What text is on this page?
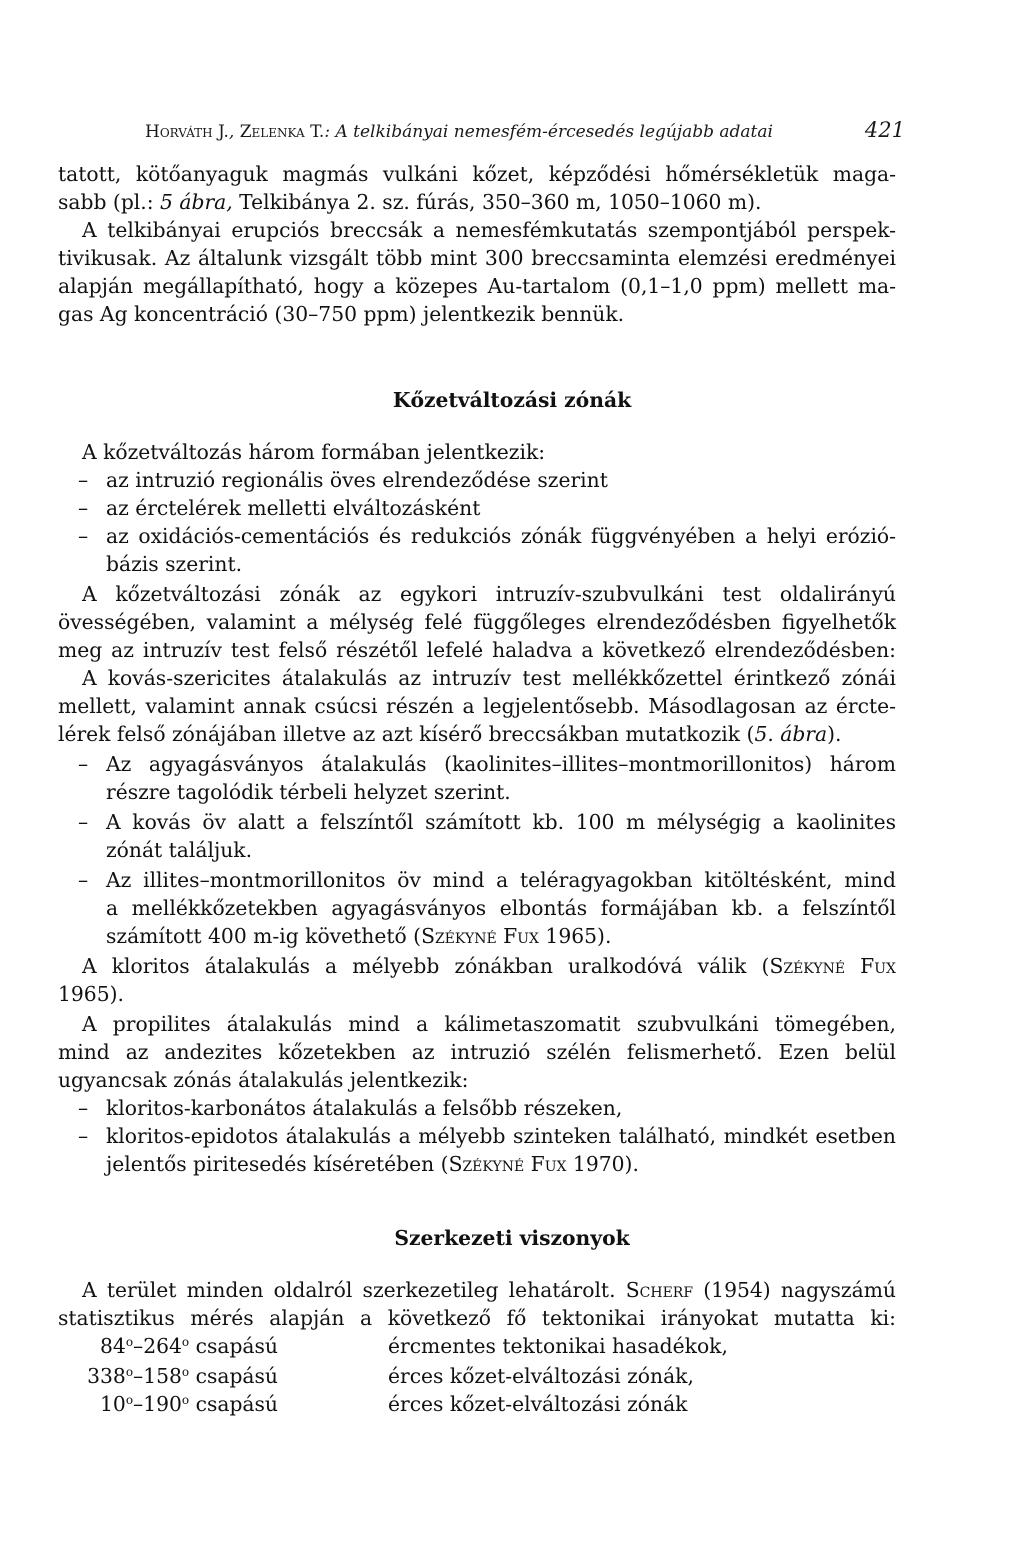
Horváth J., Zelenka T.: A telkibányai nemesfém-ércesedés legújabb adatai	421
tatott, kötőanyaguk magmás vulkáni kőzet, képződési hőmérsékletük maga-
sabb (pl.: 5 ábra, Telkibánya 2. sz. fúrás, 350–360 m, 1050–1060 m).
A telkibányai erupciós breccsák a nemesfémkutatás szempontjából perspek-
tivikusak. Az általunk vizsgált több mint 300 breccsaminta elemzési eredményei
alapján megállapítható, hogy a közepes Au-tartalom (0,1–1,0 ppm) mellett ma-
gas Ag koncentráció (30–750 ppm) jelentkezik bennük.
Kőzetváltozási zónák
A kőzetváltozás három formában jelentkezik:
– az intruzió regionális öves elrendeződése szerint
– az érctelérek melletti elváltozásként
– az oxidációs-cementációs és redukciós zónák függvényében a helyi erózió-
bázis szerint.
A kőzetváltozási zónák az egykori intruzív-szubvulkáni test oldalirányú
övességében, valamint a mélység felé függőleges elrendeződésben figyelhetők
meg az intruzív test felső részétől lefelé haladva a következő elrendeződésben:
A kovás-szericites átalakulás az intruzív test mellékkőzettel érintkező zónái
mellett, valamint annak csúcsi részén a legjelentősebb. Másodlagosan az ércte-
lérek felső zónájában illetve az azt kísérő breccsákban mutatkozik (5. ábra).
– Az agyagásványos átalakulás (kaolinites–illites–montmorillonitos) három
részre tagolódik térbeli helyzet szerint.
– A kovás öv alatt a felszíntől számított kb. 100 m mélységig a kaolinites
zónát találjuk.
– Az illites–montmorillonitos öv mind a teléragyagokban kitöltésként, mind
a mellékkőzetekben agyagásványos elbontás formájában kb. a felszíntől
számított 400 m-ig követhető (Székyné Fux 1965).
A kloritos átalakulás a mélyebb zónákban uralkodóvá válik (Székyné Fux
1965).
A propilites átalakulás mind a kálimetaszomatit szubvulkáni tömegében,
mind az andezites kőzetekben az intruzió szélén felismerhető. Ezen belül
ugyancsak zónás átalakulás jelentkezik:
– kloritos-karbonátos átalakulás a felsőbb részeken,
– kloritos-epidotos átalakulás a mélyebb szinteken található, mindkét esetben
jelentős piritesedés kíséretében (Székyné Fux 1970).
Szerkezeti viszonyok
A terület minden oldalról szerkezetileg lehatárolt. Scherf (1954) nagyszámú
statisztikus mérés alapján a következő fő tektonikai irányokat mutatta ki:
84$^o$–264$^o$ csapású	ércmentes tektonikai hasadékok,
338$^o$–158$^o$ csapású	érces kőzet-elváltozási zónák,
10$^o$–190$^o$ csapású	érces kőzet-elváltozási zónák
